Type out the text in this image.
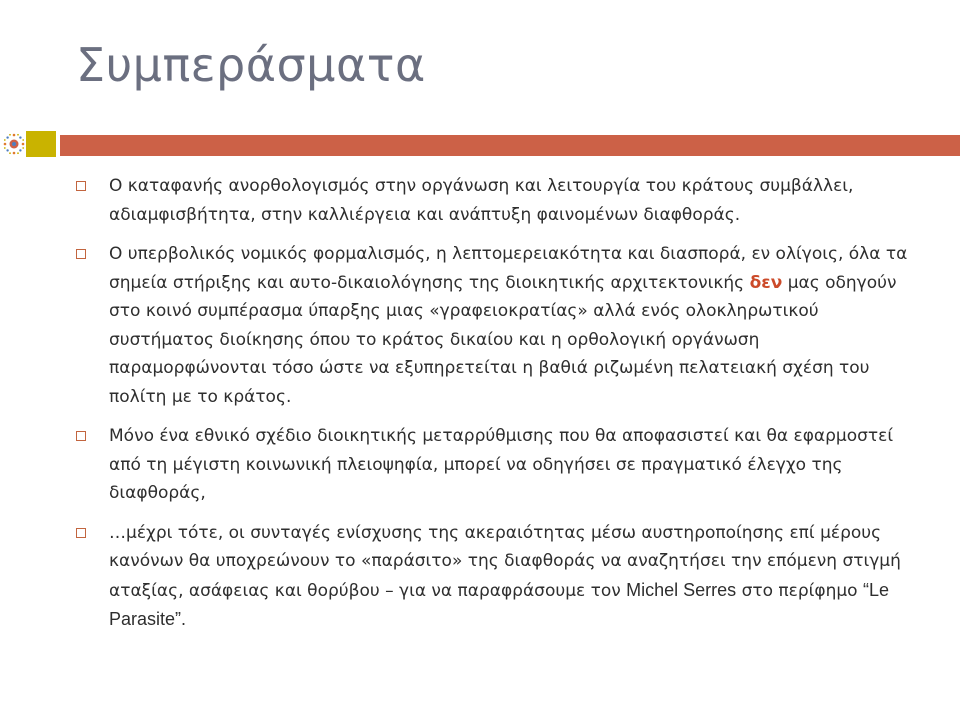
Συμπεράσματα
Ο καταφανής ανορθολογισμός στην οργάνωση και λειτουργία του κράτους συμβάλλει, αδιαμφισβήτητα, στην καλλιέργεια και ανάπτυξη φαινομένων διαφθοράς.
Ο υπερβολικός νομικός φορμαλισμός, η λεπτομερειακότητα και διασπορά, εν ολίγοις, όλα τα σημεία στήριξης και αυτο-δικαιολόγησης της διοικητικής αρχιτεκτονικής δεν μας οδηγούν στο κοινό συμπέρασμα ύπαρξης μιας «γραφειοκρατίας» αλλά ενός ολοκληρωτικού συστήματος διοίκησης όπου το κράτος δικαίου και η ορθολογική οργάνωση παραμορφώνονται τόσο ώστε να εξυπηρετείται η βαθιά ριζωμένη πελατειακή σχέση του πολίτη με το κράτος.
Μόνο ένα εθνικό σχέδιο διοικητικής μεταρρύθμισης που θα αποφασιστεί και θα εφαρμοστεί από τη μέγιστη κοινωνική πλειοψηφία, μπορεί να οδηγήσει σε πραγματικό έλεγχο της διαφθοράς,
…μέχρι τότε, οι συνταγές ενίσχυσης της ακεραιότητας μέσω αυστηροποίησης επί μέρους κανόνων θα υποχρεώνουν το «παράσιτο» της διαφθοράς να αναζητήσει την επόμενη στιγμή αταξίας, ασάφειας και θορύβου – για να παραφράσουμε τον Michel Serres στο περίφημο “Le Parasite”.
